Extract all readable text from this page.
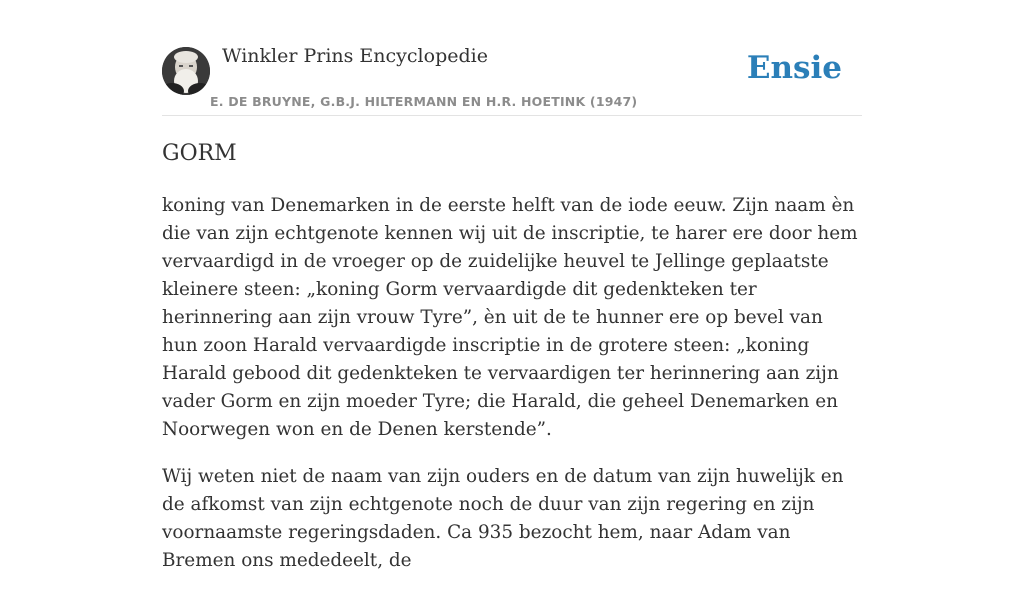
Winkler Prins Encyclopedie
E. DE BRUYNE, G.B.J. HILTERMANN EN H.R. HOETINK (1947)
Ensie
GORM

koning van Denemarken in de eerste helft van de iode eeuw. Zijn naam èn die van zijn echtgenote kennen wij uit de inscriptie, te harer ere door hem vervaardigd in de vroeger op de zuidelijke heuvel te Jellinge geplaatste kleinere steen: „koning Gorm vervaardigde dit gedenkteken ter herinnering aan zijn vrouw Tyre”, èn uit de te hunner ere op bevel van hun zoon Harald vervaardigde inscriptie in de grotere steen: „koning Harald gebood dit gedenkteken te vervaardigen ter herinnering aan zijn vader Gorm en zijn moeder Tyre; die Harald, die geheel Denemarken en Noorwegen won en de Denen kerstende”.

Wij weten niet de naam van zijn ouders en de datum van zijn huwelijk en de afkomst van zijn echtgenote noch de duur van zijn regering en zijn voornaamste regeringsdaden. Ca 935 bezocht hem, naar Adam van Bremen ons mededeelt, de
